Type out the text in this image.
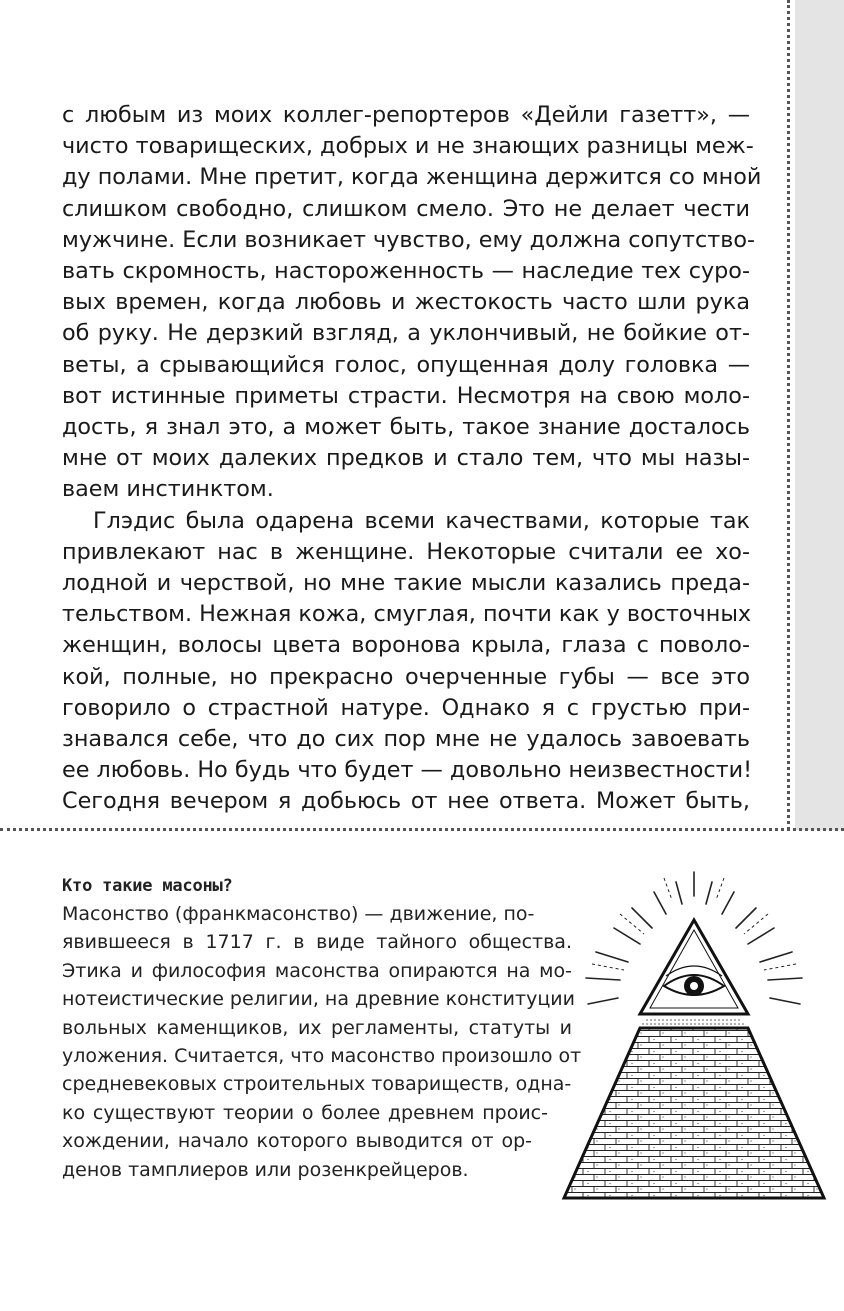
с любым из моих коллег-репортеров «Дейли газетт», —
чисто товарищеских, добрых и не знающих разницы меж-
ду полами. Мне претит, когда женщина держится со мной
слишком свободно, слишком смело. Это не делает чести
мужчине. Если возникает чувство, ему должна сопутство-
вать скромность, настороженность — наследие тех суро-
вых времен, когда любовь и жестокость часто шли рука
об руку. Не дерзкий взгляд, а уклончивый, не бойкие от-
веты, а срывающийся голос, опущенная долу головка —
вот истинные приметы страсти. Несмотря на свою моло-
дость, я знал это, а может быть, такое знание досталось
мне от моих далеких предков и стало тем, что мы назы-
ваем инстинктом.
Глэдис была одарена всеми качествами, которые так
привлекают нас в женщине. Некоторые считали ее хо-
лодной и черствой, но мне такие мысли казались преда-
тельством. Нежная кожа, смуглая, почти как у восточных
женщин, волосы цвета воронова крыла, глаза с поволо-
кой, полные, но прекрасно очерченные губы — все это
говорило о страстной натуре. Однако я с грустью при-
знавался себе, что до сих пор мне не удалось завоевать
ее любовь. Но будь что будет — довольно неизвестности!
Сегодня вечером я добьюсь от нее ответа. Может быть,
Кто такие масоны?
Масонство (франкмасонство) — движение, по-
явившееся в 1717 г. в виде тайного общества.
Этика и философия масонства опираются на мо-
нотеистические религии, на древние конституции
вольных каменщиков, их регламенты, статуты и
уложения. Считается, что масонство произошло от
средневековых строительных товариществ, одна-
ко существуют теории о более древнем проис-
хождении, начало которого выводится от ор-
денов тамплиеров или розенкрейцеров.
